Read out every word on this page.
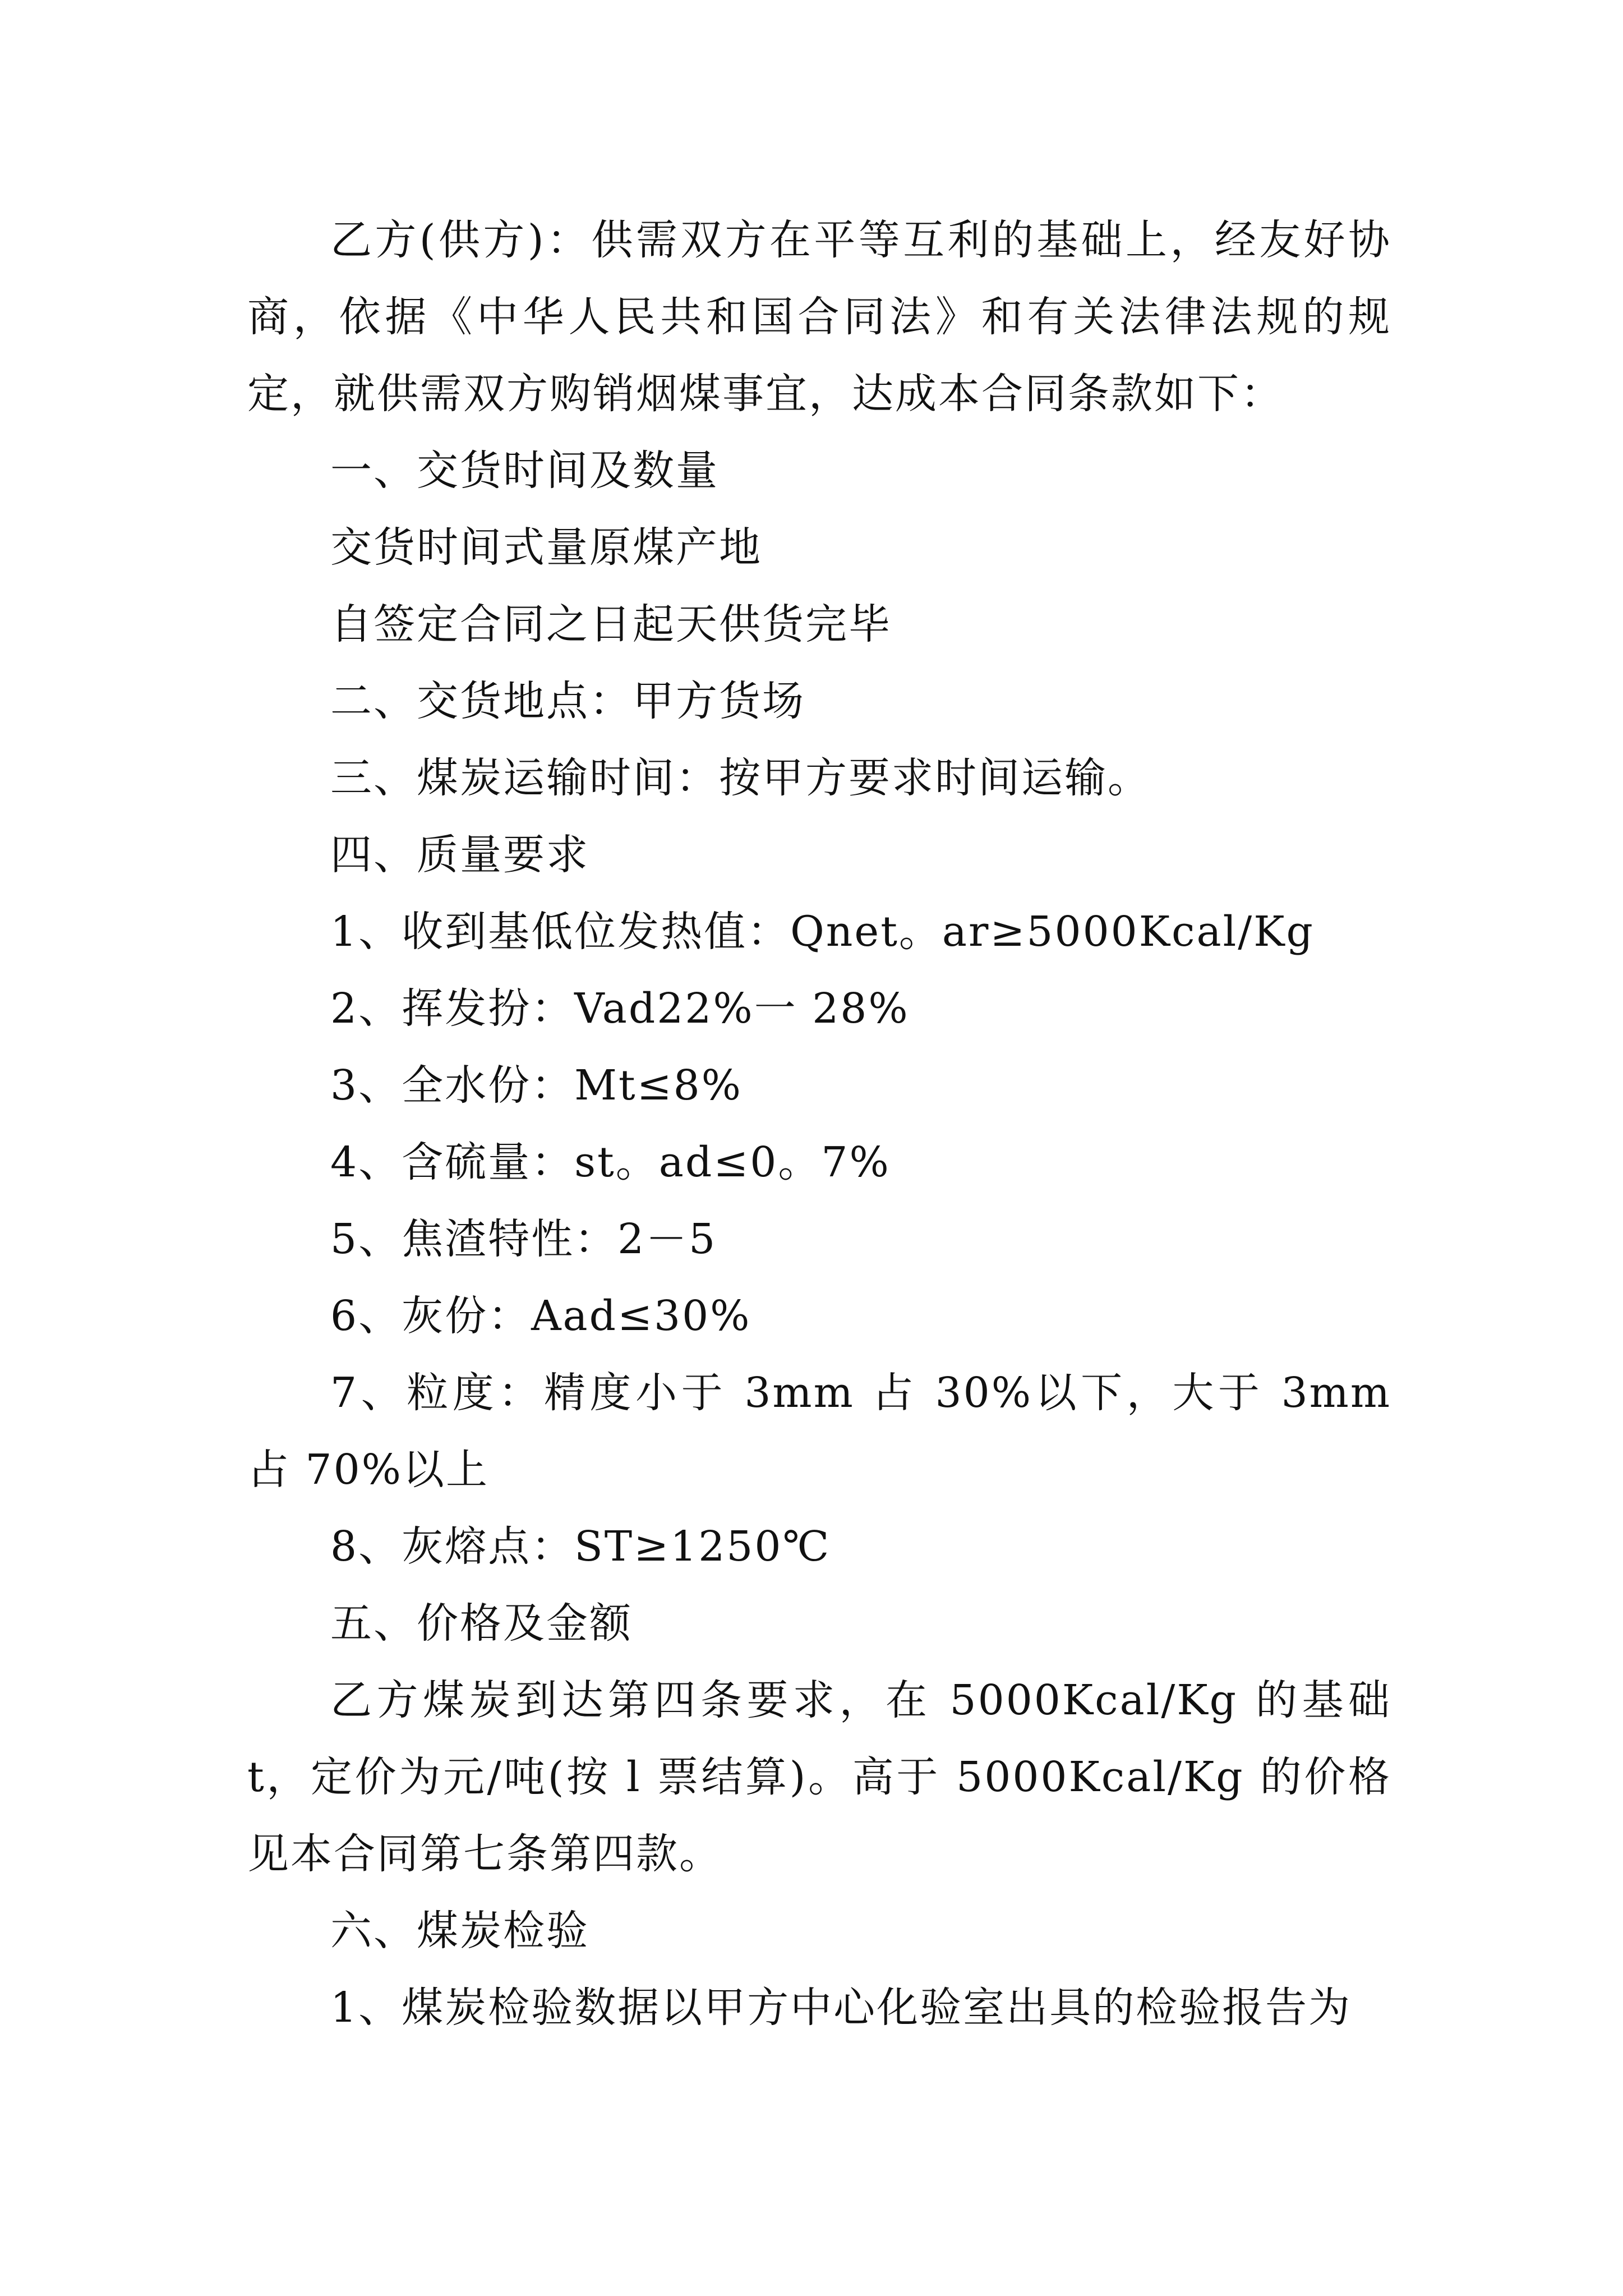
乙方(供方)：供需双方在平等互利的基础上，经友好协商，依据《中华人民共和国合同法》和有关法律法规的规定，就供需双方购销烟煤事宜，达成本合同条款如下：

一、交货时间及数量

交货时间式量原煤产地

自签定合同之日起天供货完毕

二、交货地点：甲方货场

三、煤炭运输时间：按甲方要求时间运输。

四、质量要求

1、收到基低位发热值：Qnet。ar≥5000Kcal/Kg

2、挥发扮：Vad22%一 28%

3、全水份：Mt≤8%

4、含硫量：st。ad≤0。7%

5、焦渣特性：2－5

6、灰份：Aad≤30%

7、粒度：精度小于 3mm 占 30%以下，大于 3mm 占 70%以上

8、灰熔点：ST≥1250℃

五、价格及金额

乙方煤炭到达第四条要求，在 5000Kcal/Kg 的基础 t，定价为元/吨(按 l 票结算)。高于 5000Kcal/Kg 的价格见本合同第七条第四款。

六、煤炭检验

1、煤炭检验数据以甲方中心化验室出具的检验报告为
